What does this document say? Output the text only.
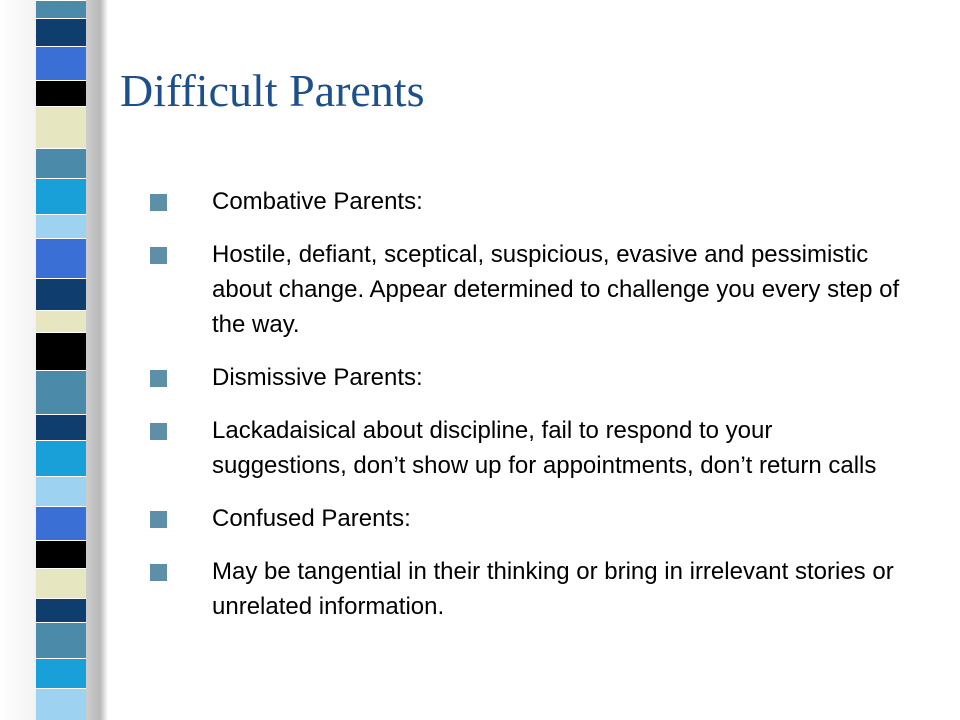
Difficult Parents
Combative Parents:
Hostile, defiant, sceptical, suspicious, evasive and pessimistic about change. Appear determined to challenge you every step of the way.
Dismissive Parents:
Lackadaisical about discipline, fail to respond to your suggestions, don’t show up for appointments, don’t return calls
Confused Parents:
May be tangential in their thinking or bring in irrelevant stories or unrelated information.
